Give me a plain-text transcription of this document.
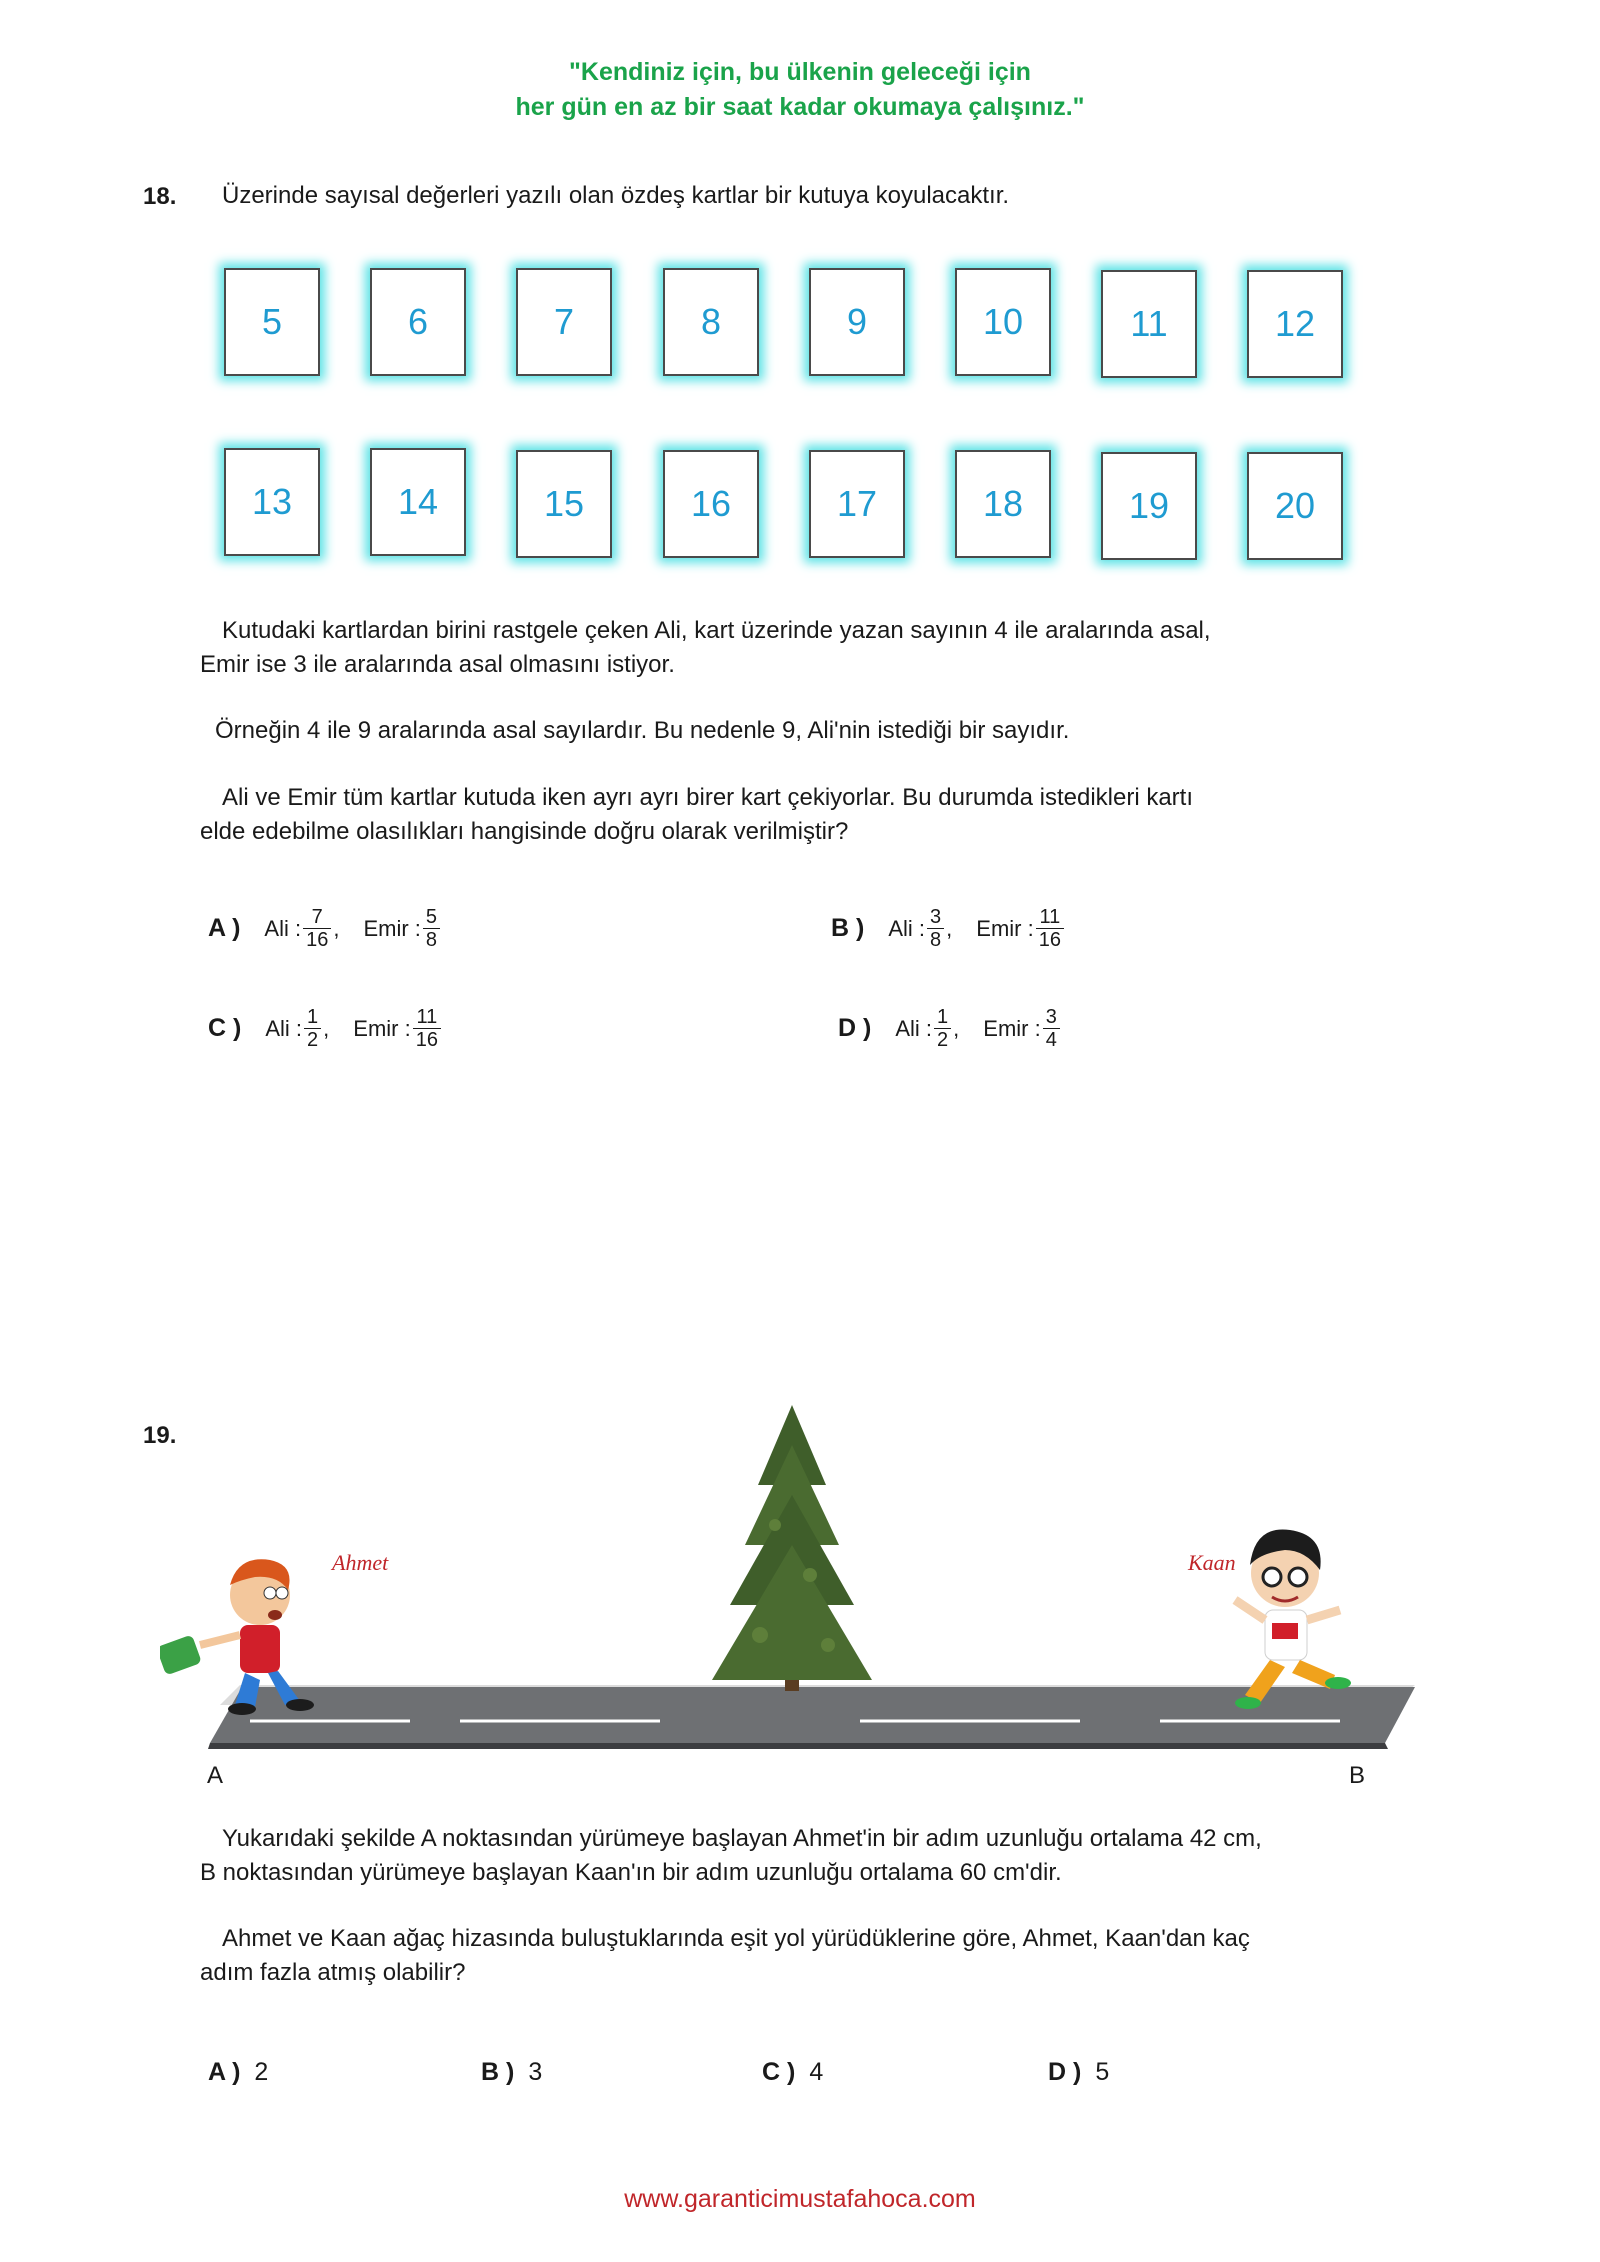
"Kendiniz için, bu ülkenin geleceği için
her gün en az bir saat kadar okumaya çalışınız."
18. Üzerinde sayısal değerleri yazılı olan özdeş kartlar bir kutuya koyulacaktır.
5	6	7	8	9	10	11	12
13	14	15	16	17	18	19	20
Kutudaki kartlardan birini rastgele çeken Ali, kart üzerinde yazan sayının 4 ile aralarında asal,
Emir ise 3 ile aralarında asal olmasını istiyor.
Örneğin 4 ile 9 aralarında asal sayılardır. Bu nedenle 9, Ali'nin istediği bir sayıdır.
Ali ve Emir tüm kartlar kutuda iken ayrı ayrı birer kart çekiyorlar. Bu durumda istedikleri kartı
elde edebilme olasılıkları hangisinde doğru olarak verilmiştir?
A ) Ali : $\frac{7}{16}$ , Emir : $\frac{5}{8}$	B ) Ali : $\frac{3}{8}$ , Emir : $\frac{11}{16}$
C ) Ali : $\frac{1}{2}$ , Emir : $\frac{11}{16}$	D ) Ali : $\frac{1}{2}$ , Emir : $\frac{3}{4}$
19.
Ahmet	Kaan
A	B
Yukarıdaki şekilde A noktasından yürümeye başlayan Ahmet'in bir adım uzunluğu ortalama 42 cm,
B noktasından yürümeye başlayan Kaan'ın bir adım uzunluğu ortalama 60 cm'dir.
Ahmet ve Kaan ağaç hizasında buluştuklarında eşit yol yürüdüklerine göre, Ahmet, Kaan'dan kaç
adım fazla atmış olabilir?
A ) 2	B ) 3	C ) 4	D ) 5
www.garanticimustafahoca.com
